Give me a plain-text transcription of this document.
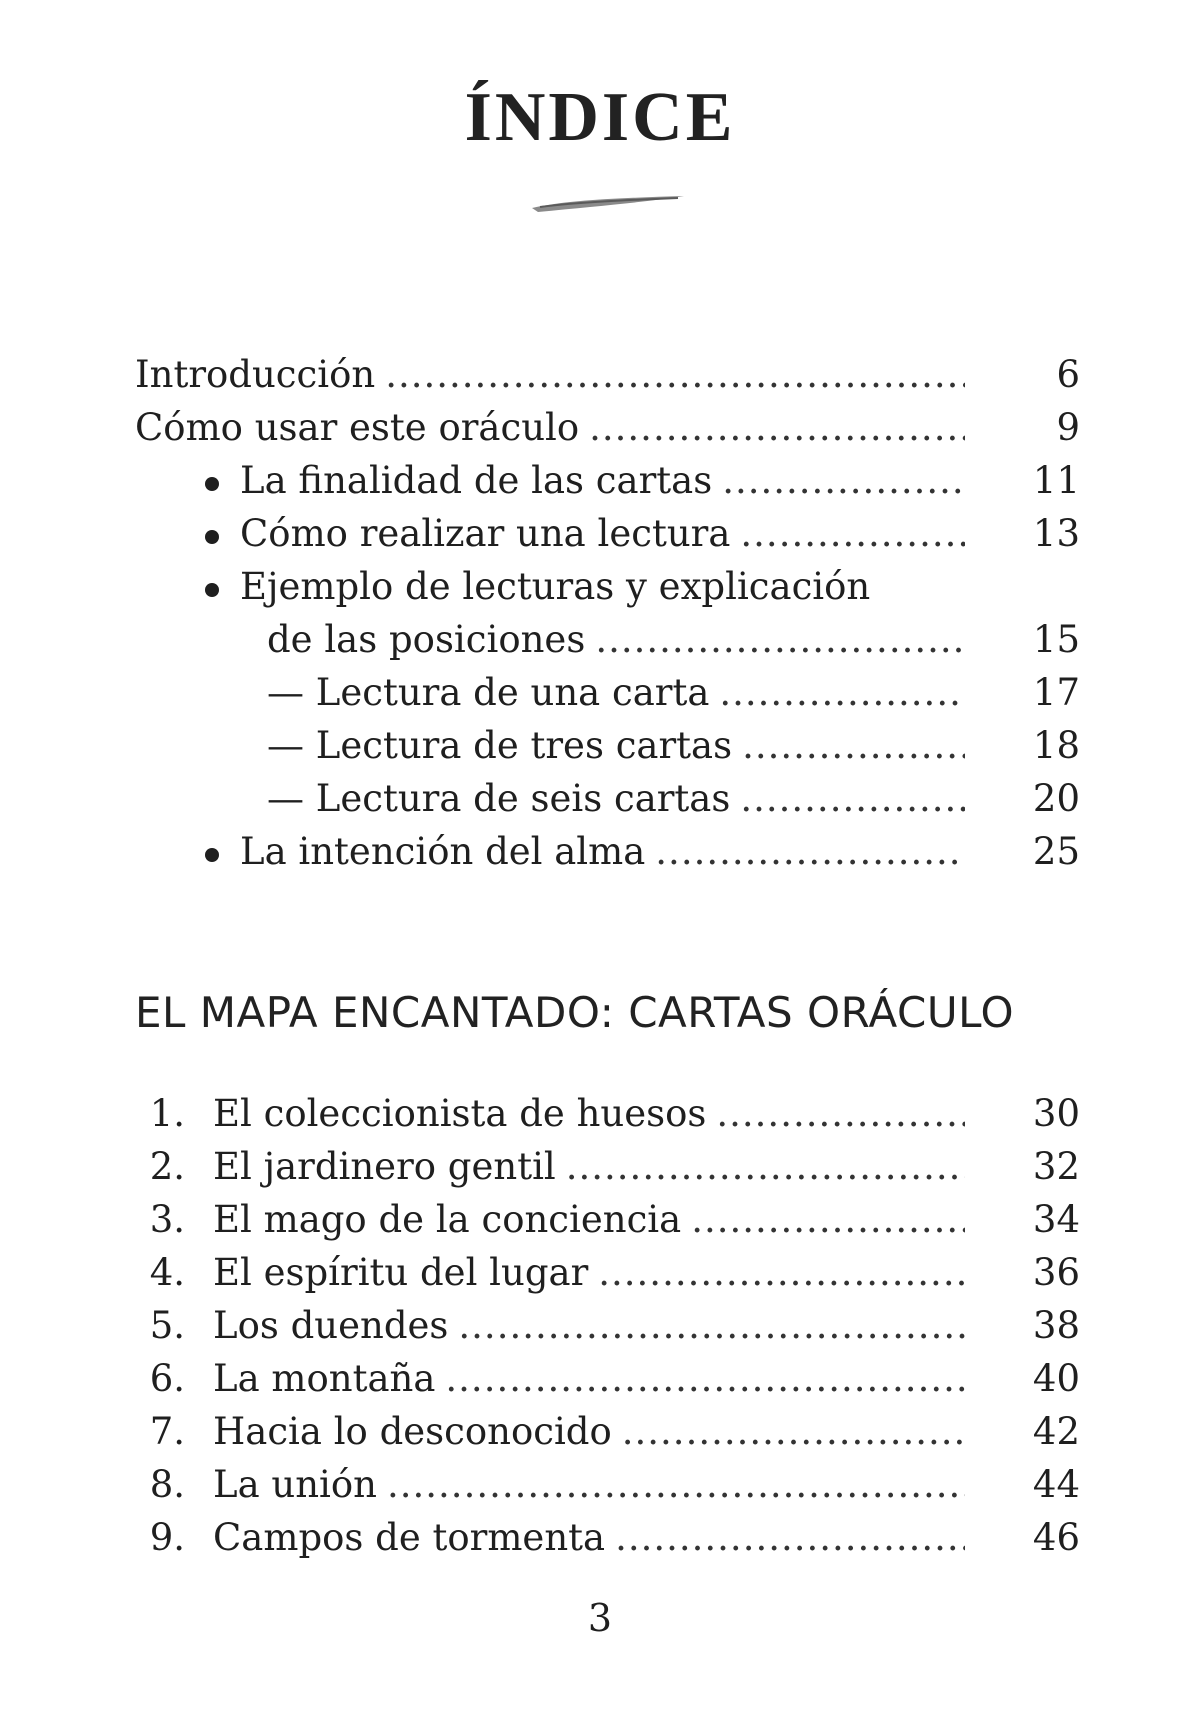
ÍNDICE
Introducción .....	6
Cómo usar este oráculo .....	9
La finalidad de las cartas .....	11
Cómo realizar una lectura .....	13
Ejemplo de lecturas y explicación
de las posiciones .....	15
— Lectura de una carta .....	17
— Lectura de tres cartas .....	18
— Lectura de seis cartas .....	20
La intención del alma .....	25
EL MAPA ENCANTADO: CARTAS ORÁCULO
1. El coleccionista de huesos .....	30
2. El jardinero gentil .....	32
3. El mago de la conciencia .....	34
4. El espíritu del lugar .....	36
5. Los duendes .....	38
6. La montaña .....	40
7. Hacia lo desconocido .....	42
8. La unión .....	44
9. Campos de tormenta .....	46
3
